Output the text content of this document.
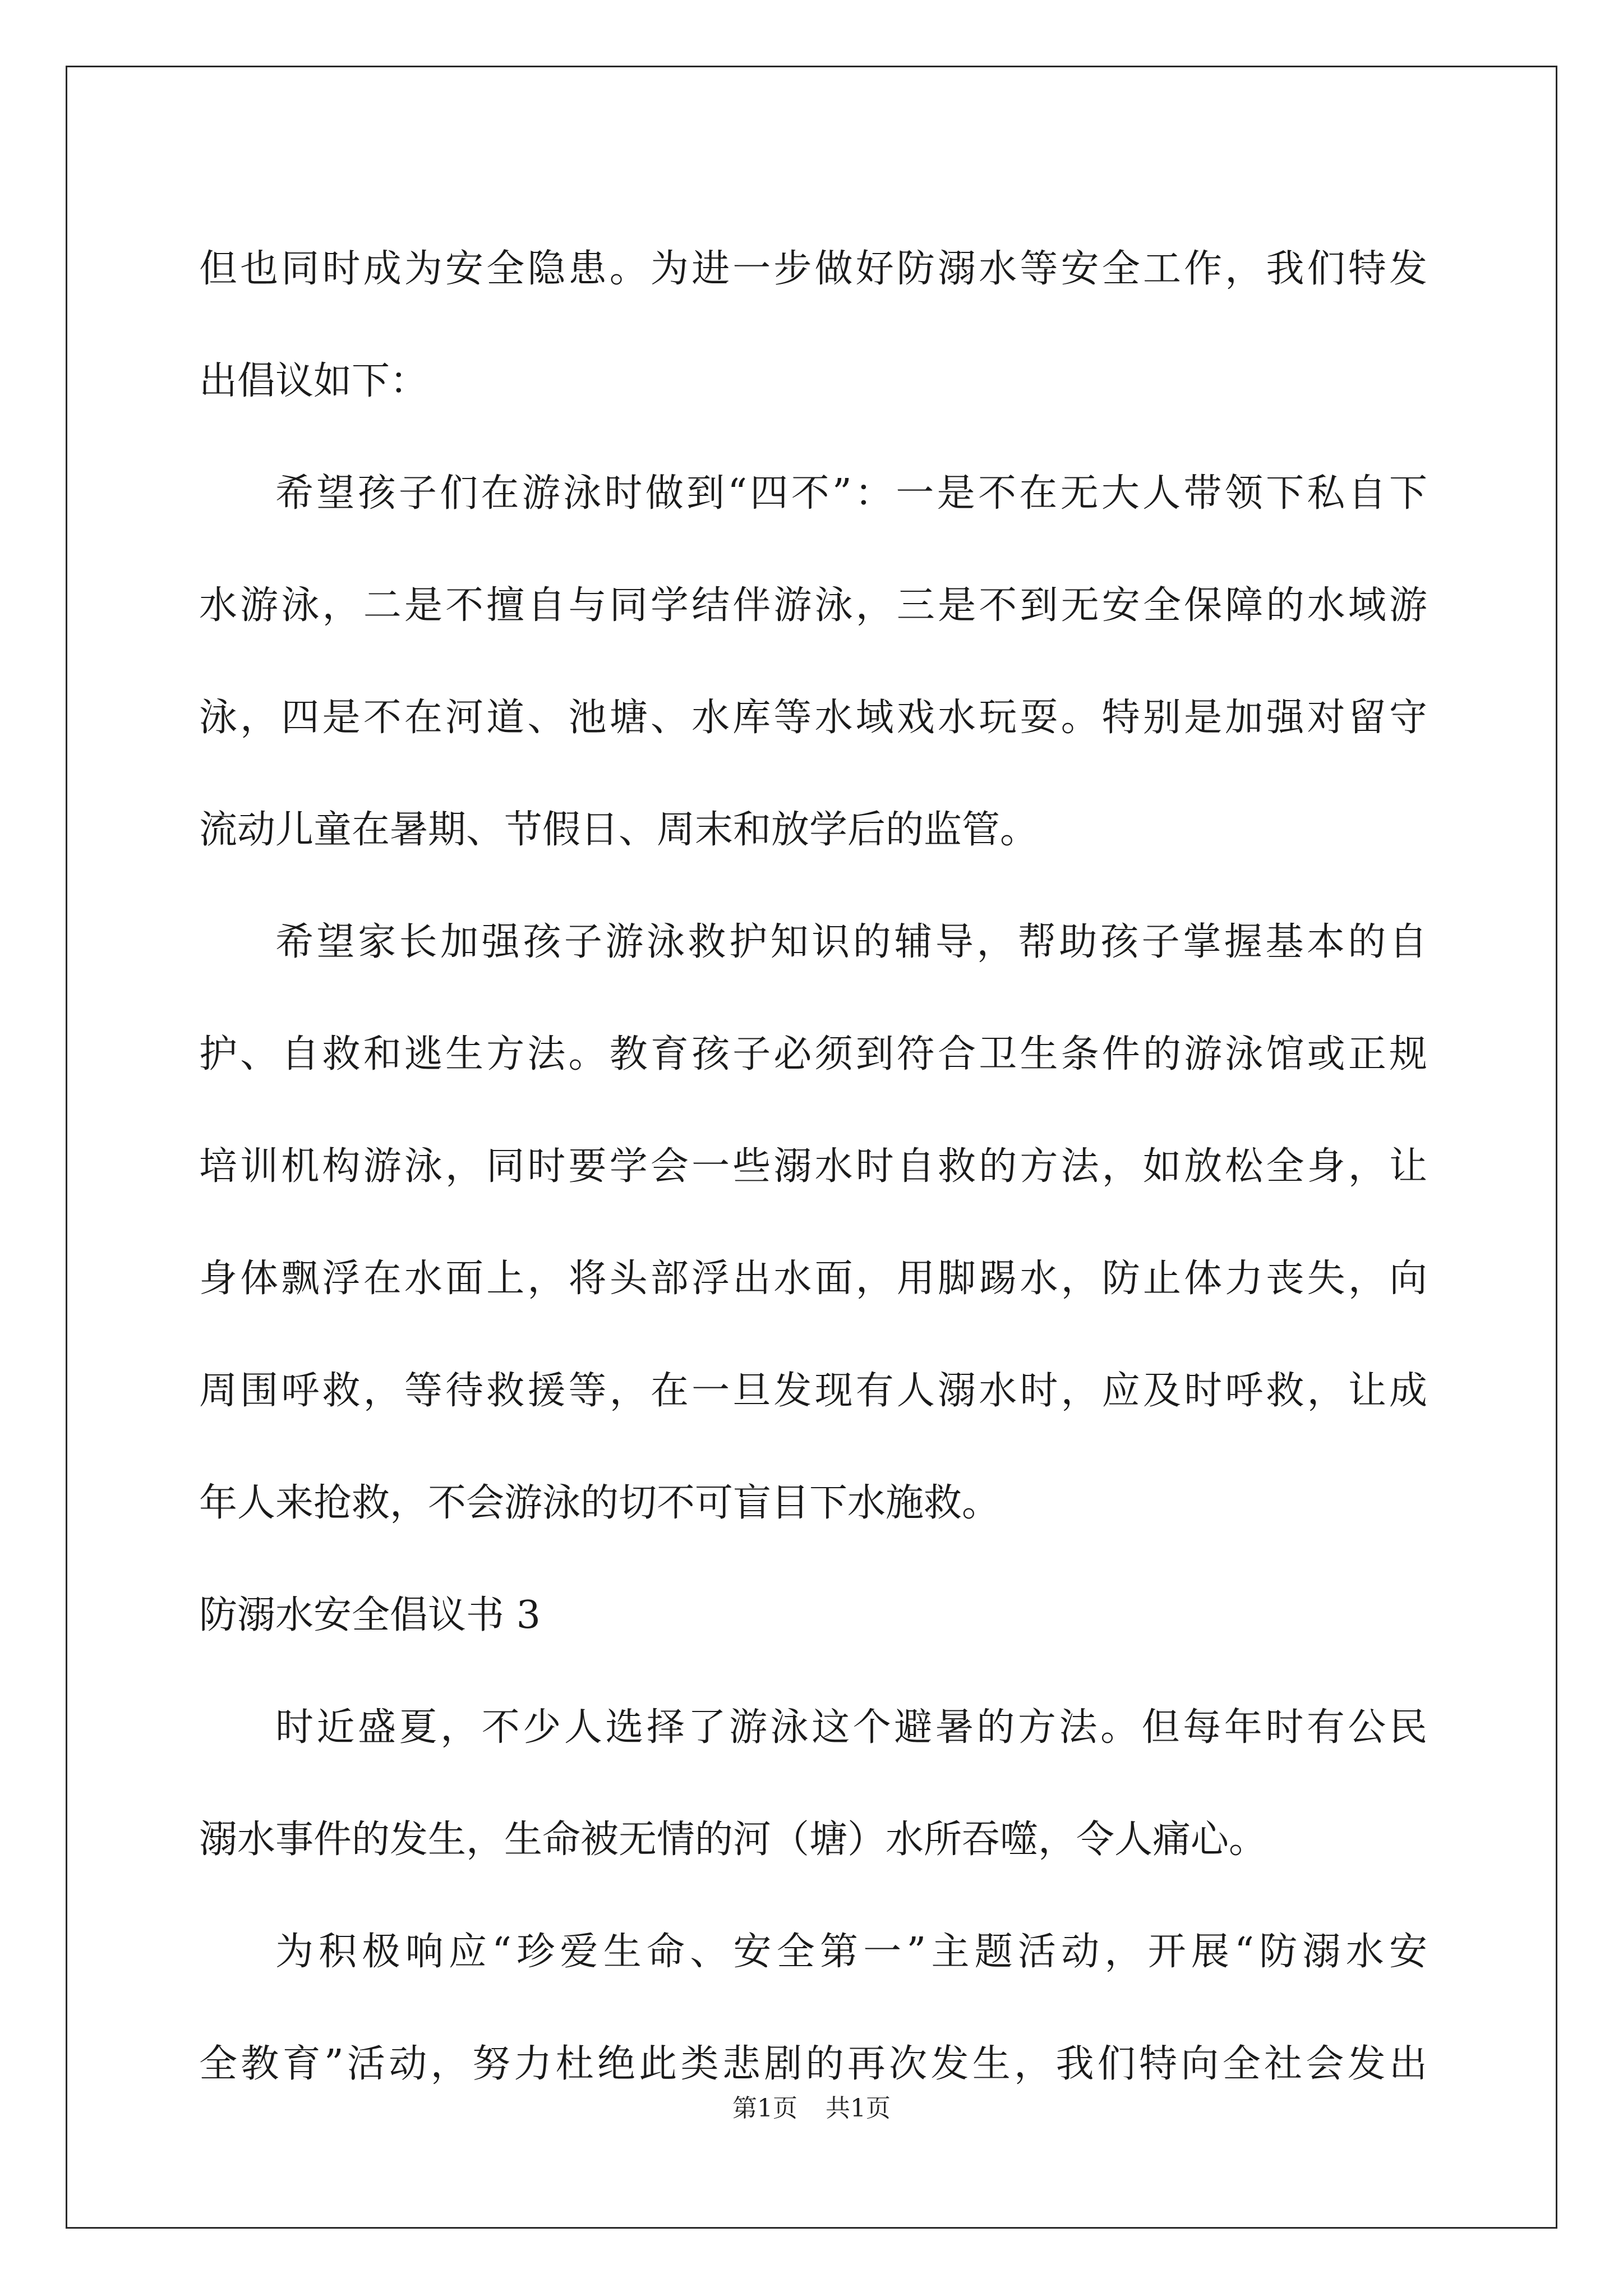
但也同时成为安全隐患。为进一步做好防溺水等安全工作，我们特发
出倡议如下：
希望孩子们在游泳时做到“四不”：一是不在无大人带领下私自下
水游泳，二是不擅自与同学结伴游泳，三是不到无安全保障的水域游
泳，四是不在河道、池塘、水库等水域戏水玩耍。特别是加强对留守
流动儿童在暑期、节假日、周末和放学后的监管。
希望家长加强孩子游泳救护知识的辅导，帮助孩子掌握基本的自
护、自救和逃生方法。教育孩子必须到符合卫生条件的游泳馆或正规
培训机构游泳，同时要学会一些溺水时自救的方法，如放松全身，让
身体飘浮在水面上，将头部浮出水面，用脚踢水，防止体力丧失，向
周围呼救，等待救援等，在一旦发现有人溺水时，应及时呼救，让成
年人来抢救，不会游泳的切不可盲目下水施救。
防溺水安全倡议书 3
时近盛夏，不少人选择了游泳这个避暑的方法。但每年时有公民
溺水事件的发生，生命被无情的河（塘）水所吞噬，令人痛心。
为积极响应“珍爱生命、安全第一”主题活动，开展“防溺水安
全教育”活动，努力杜绝此类悲剧的再次发生，我们特向全社会发出
第1页 共1页
